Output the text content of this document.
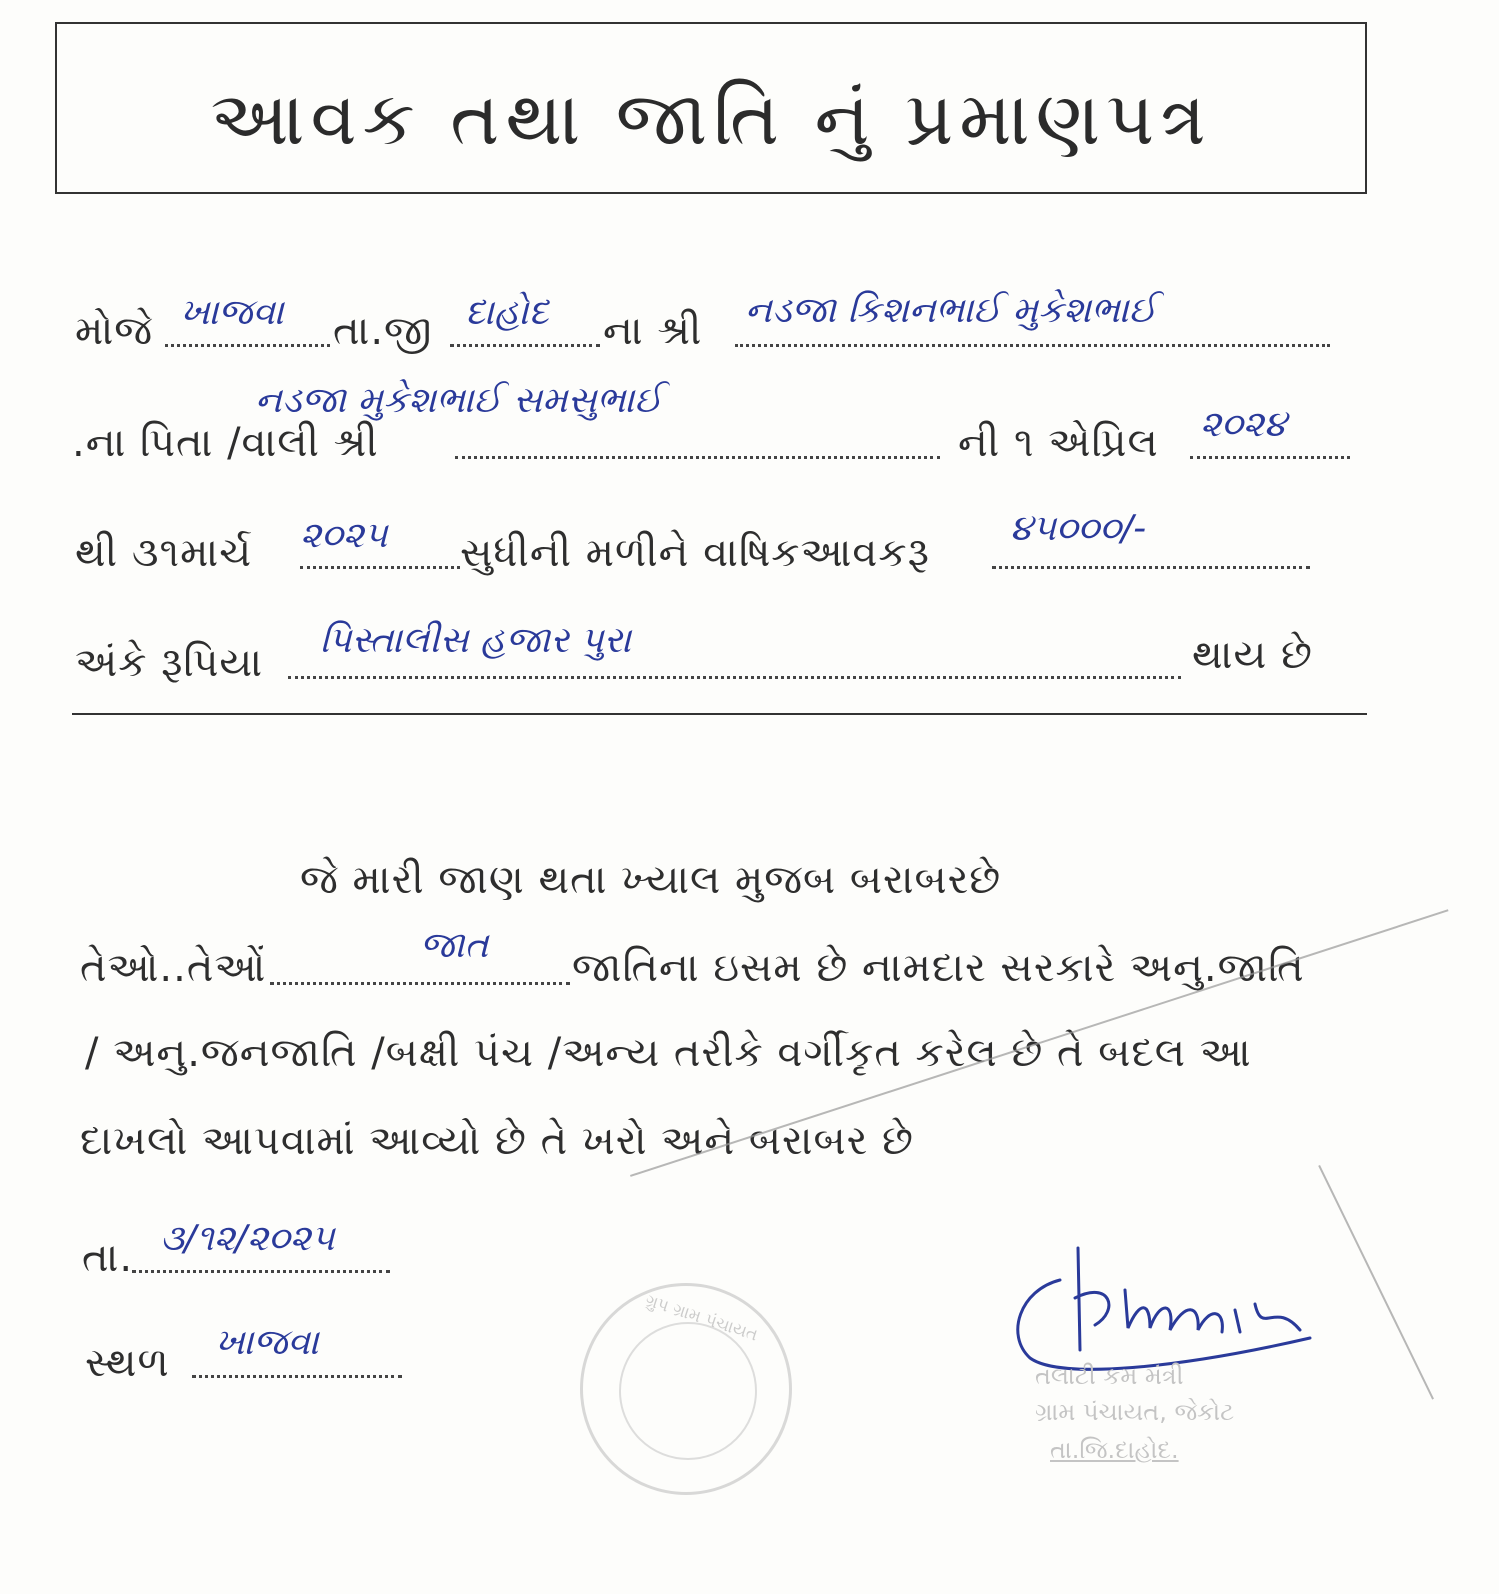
આવક તથા જાતિ નું પ્રમાણપત્ર
મોજે ખાજવા તા.જી દાહોદ ના શ્રી નડજા કિશનભાઈ મુકેશભાઈ
નડજા મુકેશભાઈ સમસુભાઈ
.ના પિતા /વાલી શ્રી	ની ૧ એપ્રિલ ૨૦૨૪
થી ૩૧માર્ચ ૨૦૨૫ સુધીની મળીને વાષિકઆવકરૂ
૪૫૦૦૦/-
અંકે રૂપિયા પિસ્તાલીસ હજાર પુરા	થાય છે
જે મારી જાણ થતા ખ્યાલ મુજબ બરાબરછે
તેઓ..તેઓં	જાત જાતિના ઇસમ છે નામદાર સરકારે અનુ.જાતિ
/ અનુ.જનજાતિ /બક્ષી પંચ /અન્ય તરીકે વર્ગીકૃત કરેલ છે તે બદલ આ
દાખલો આપવામાં આવ્યો છે તે ખરો અને બરાબર છે
તા. ૩/૧૨/૨૦૨૫
સ્થળ ખાજવા	ગ્રુપ ગ્રામ પંચાયત
તલાટી કમ મંત્રી
ગ્રામ પંચાયત, જેકોટ
તા.જિ.દાહોદ.
